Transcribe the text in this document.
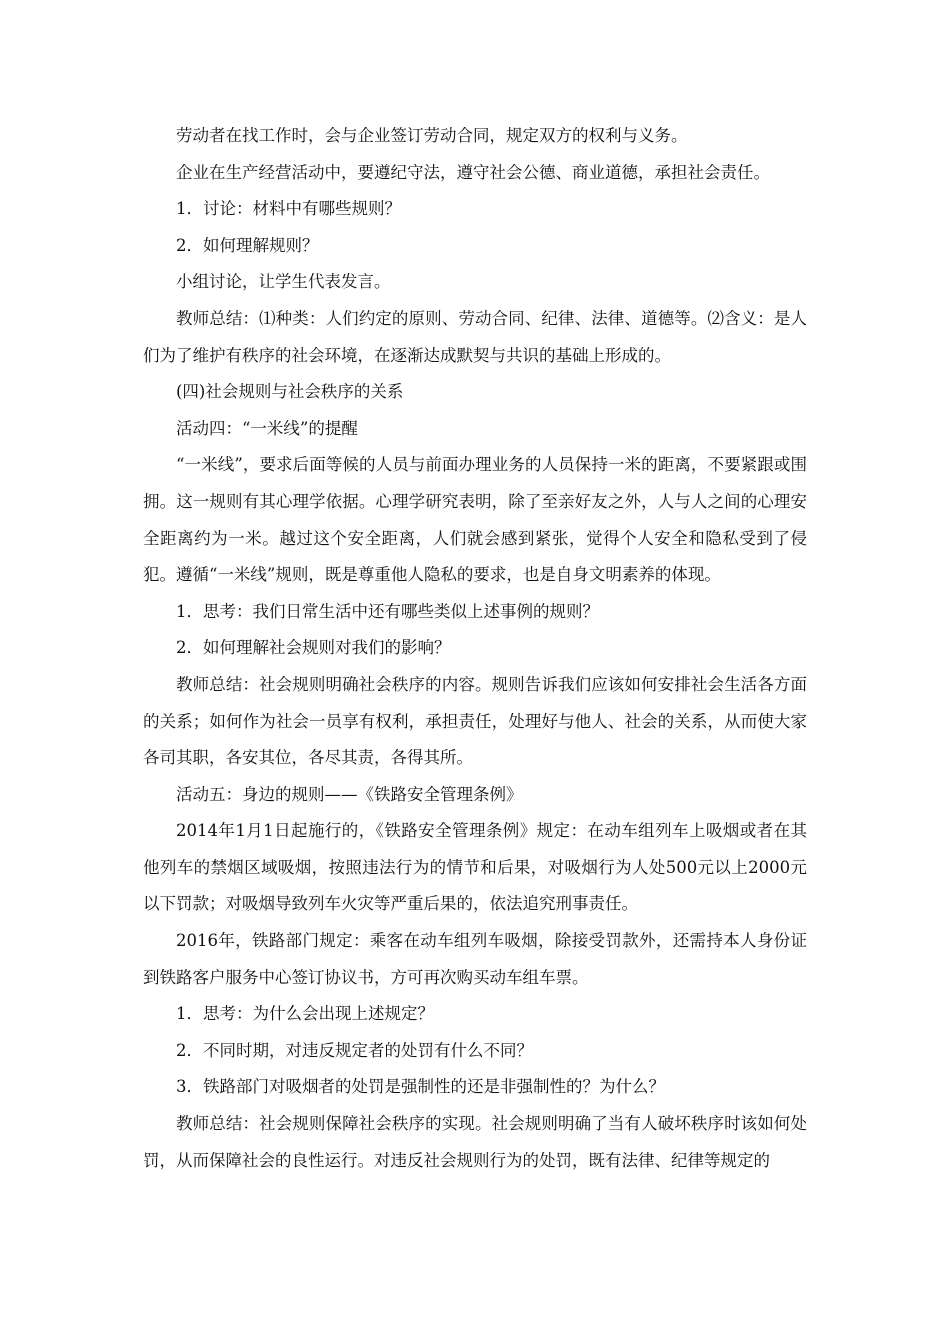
劳动者在找工作时，会与企业签订劳动合同，规定双方的权利与义务。

企业在生产经营活动中，要遵纪守法，遵守社会公德、商业道德，承担社会责任。

1．讨论：材料中有哪些规则？

2．如何理解规则？

小组讨论，让学生代表发言。

教师总结：⑴种类：人们约定的原则、劳动合同、纪律、法律、道德等。⑵含义：是人们为了维护有秩序的社会环境，在逐渐达成默契与共识的基础上形成的。

(四)社会规则与社会秩序的关系

活动四：“一米线”的提醒

“一米线”，要求后面等候的人员与前面办理业务的人员保持一米的距离，不要紧跟或围拥。这一规则有其心理学依据。心理学研究表明，除了至亲好友之外，人与人之间的心理安全距离约为一米。越过这个安全距离，人们就会感到紧张，觉得个人安全和隐私受到了侵犯。遵循“一米线”规则，既是尊重他人隐私的要求，也是自身文明素养的体现。

1．思考：我们日常生活中还有哪些类似上述事例的规则？

2．如何理解社会规则对我们的影响？

教师总结：社会规则明确社会秩序的内容。规则告诉我们应该如何安排社会生活各方面的关系；如何作为社会一员享有权利，承担责任，处理好与他人、社会的关系，从而使大家各司其职，各安其位，各尽其责，各得其所。

活动五：身边的规则——《铁路安全管理条例》

2014年1月1日起施行的，《铁路安全管理条例》规定：在动车组列车上吸烟或者在其他列车的禁烟区域吸烟，按照违法行为的情节和后果，对吸烟行为人处500元以上2000元以下罚款；对吸烟导致列车火灾等严重后果的，依法追究刑事责任。

2016年，铁路部门规定：乘客在动车组列车吸烟，除接受罚款外，还需持本人身份证到铁路客户服务中心签订协议书，方可再次购买动车组车票。

1．思考：为什么会出现上述规定？

2．不同时期，对违反规定者的处罚有什么不同？

3．铁路部门对吸烟者的处罚是强制性的还是非强制性的？为什么？

教师总结：社会规则保障社会秩序的实现。社会规则明确了当有人破坏秩序时该如何处罚，从而保障社会的良性运行。对违反社会规则行为的处罚，既有法律、纪律等规定的
